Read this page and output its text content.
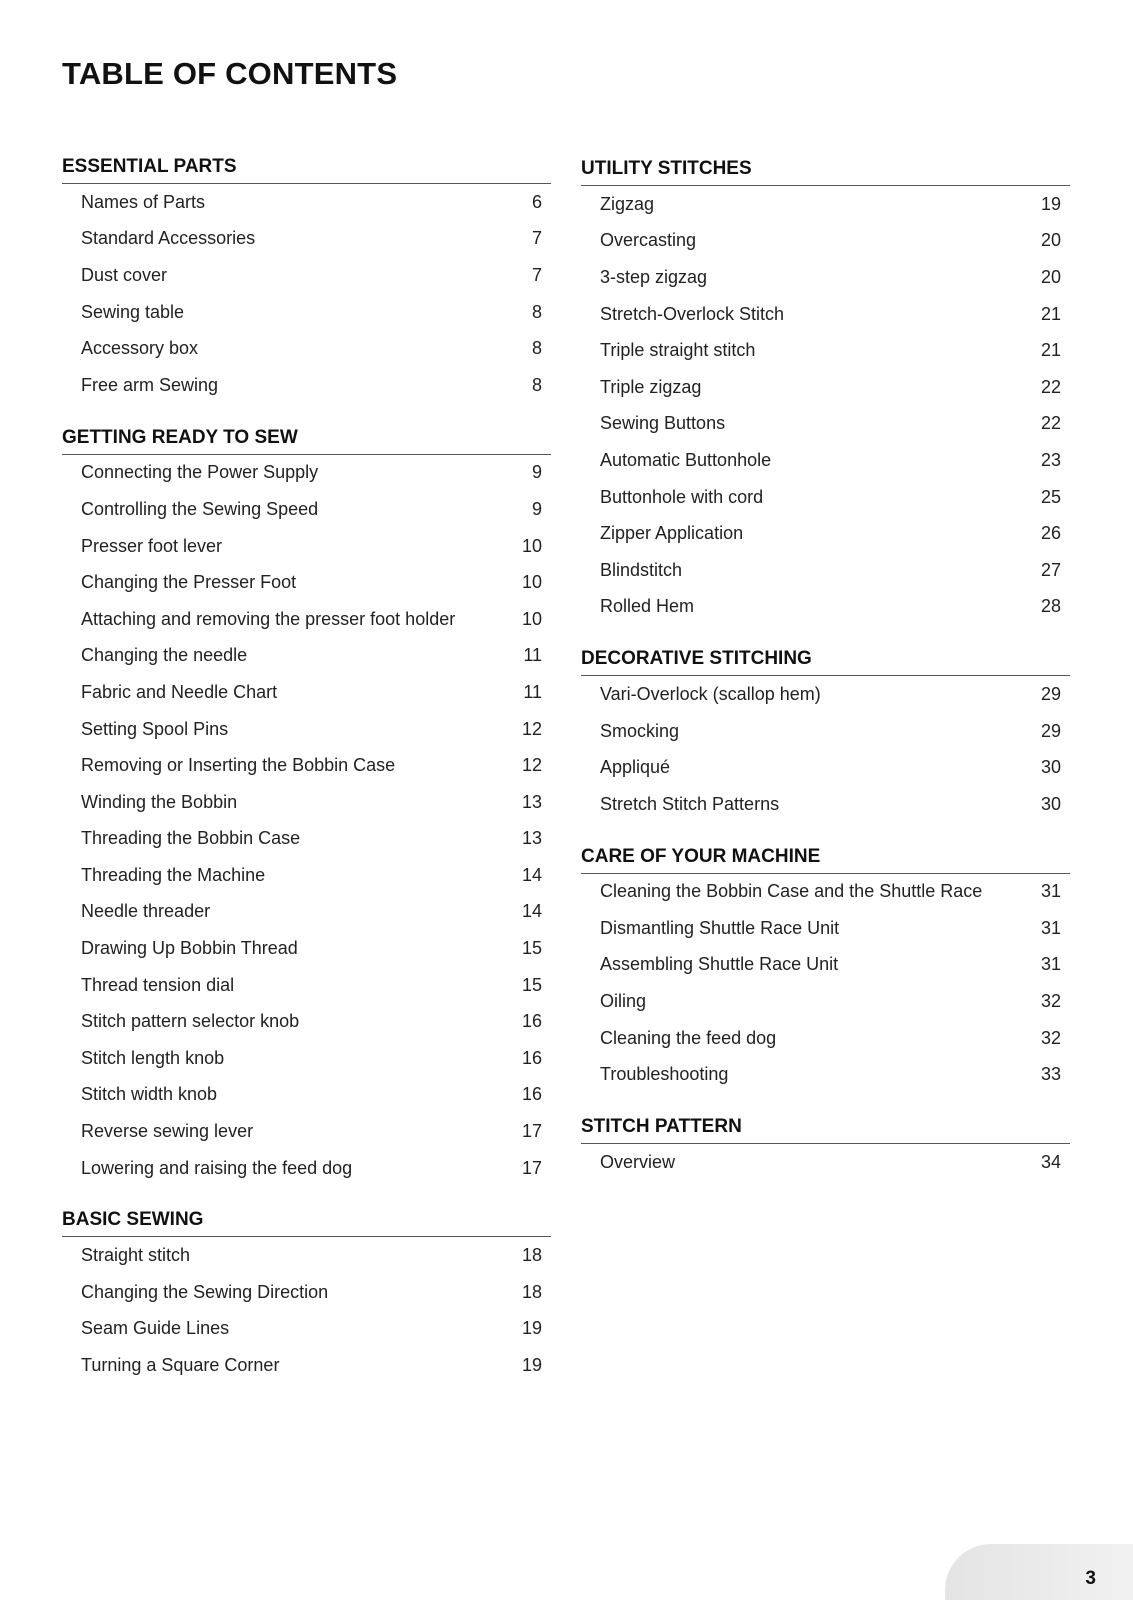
TABLE OF CONTENTS
ESSENTIAL PARTS
Names of Parts	6
Standard Accessories	7
Dust cover	7
Sewing table	8
Accessory box	8
Free arm Sewing	8
GETTING READY TO SEW
Connecting the Power Supply	9
Controlling the Sewing Speed	9
Presser foot lever	10
Changing the Presser Foot	10
Attaching and removing the presser foot holder	10
Changing the needle	11
Fabric and Needle Chart	11
Setting Spool Pins	12
Removing or Inserting the Bobbin Case	12
Winding the Bobbin	13
Threading the Bobbin Case	13
Threading the Machine	14
Needle threader	14
Drawing Up Bobbin Thread	15
Thread tension dial	15
Stitch pattern selector knob	16
Stitch length knob	16
Stitch width knob	16
Reverse sewing lever	17
Lowering and raising the feed dog	17
BASIC SEWING
Straight stitch	18
Changing the Sewing Direction	18
Seam Guide Lines	19
Turning a Square Corner	19
UTILITY STITCHES
Zigzag	19
Overcasting	20
3-step zigzag	20
Stretch-Overlock Stitch	21
Triple straight stitch	21
Triple zigzag	22
Sewing Buttons	22
Automatic Buttonhole	23
Buttonhole with cord	25
Zipper Application	26
Blindstitch	27
Rolled Hem	28
DECORATIVE STITCHING
Vari-Overlock (scallop hem)	29
Smocking	29
Appliqué	30
Stretch Stitch Patterns	30
CARE OF YOUR MACHINE
Cleaning the Bobbin Case and the Shuttle Race	31
Dismantling Shuttle Race Unit	31
Assembling Shuttle Race Unit	31
Oiling	32
Cleaning the feed dog	32
Troubleshooting	33
STITCH PATTERN
Overview	34
3
